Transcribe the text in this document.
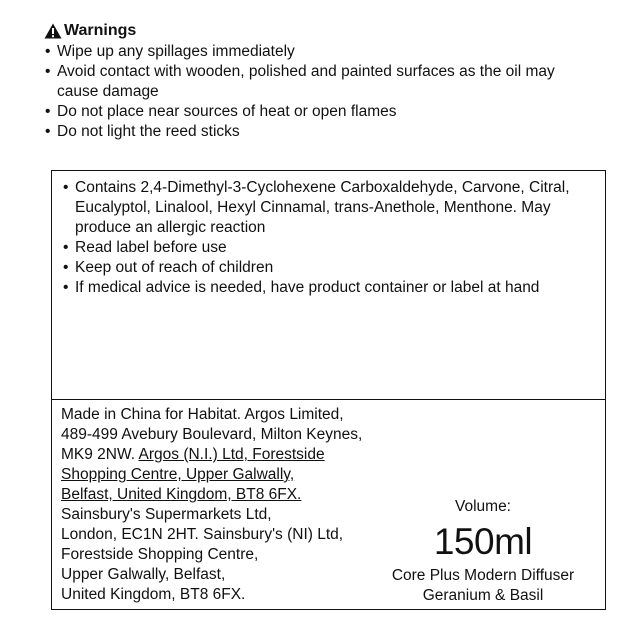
Warnings
• Wipe up any spillages immediately
• Avoid contact with wooden, polished and painted surfaces as the oil may cause damage
• Do not place near sources of heat or open flames
• Do not light the reed sticks
• Contains 2,4-Dimethyl-3-Cyclohexene Carboxaldehyde, Carvone, Citral, Eucalyptol, Linalool, Hexyl Cinnamal, trans-Anethole, Menthone. May produce an allergic reaction
• Read label before use
• Keep out of reach of children
• If medical advice is needed, have product container or label at hand
Made in China for Habitat. Argos Limited,
489-499 Avebury Boulevard, Milton Keynes,
MK9 2NW. Argos (N.I.) Ltd, Forestside
Shopping Centre, Upper Galwally,
Belfast, United Kingdom, BT8 6FX.
Sainsbury's Supermarkets Ltd,
London, EC1N 2HT. Sainsbury's (NI) Ltd,
Forestside Shopping Centre,
Upper Galwally, Belfast,
United Kingdom, BT8 6FX.
Volume:
150ml
Core Plus Modern Diffuser
Geranium & Basil
